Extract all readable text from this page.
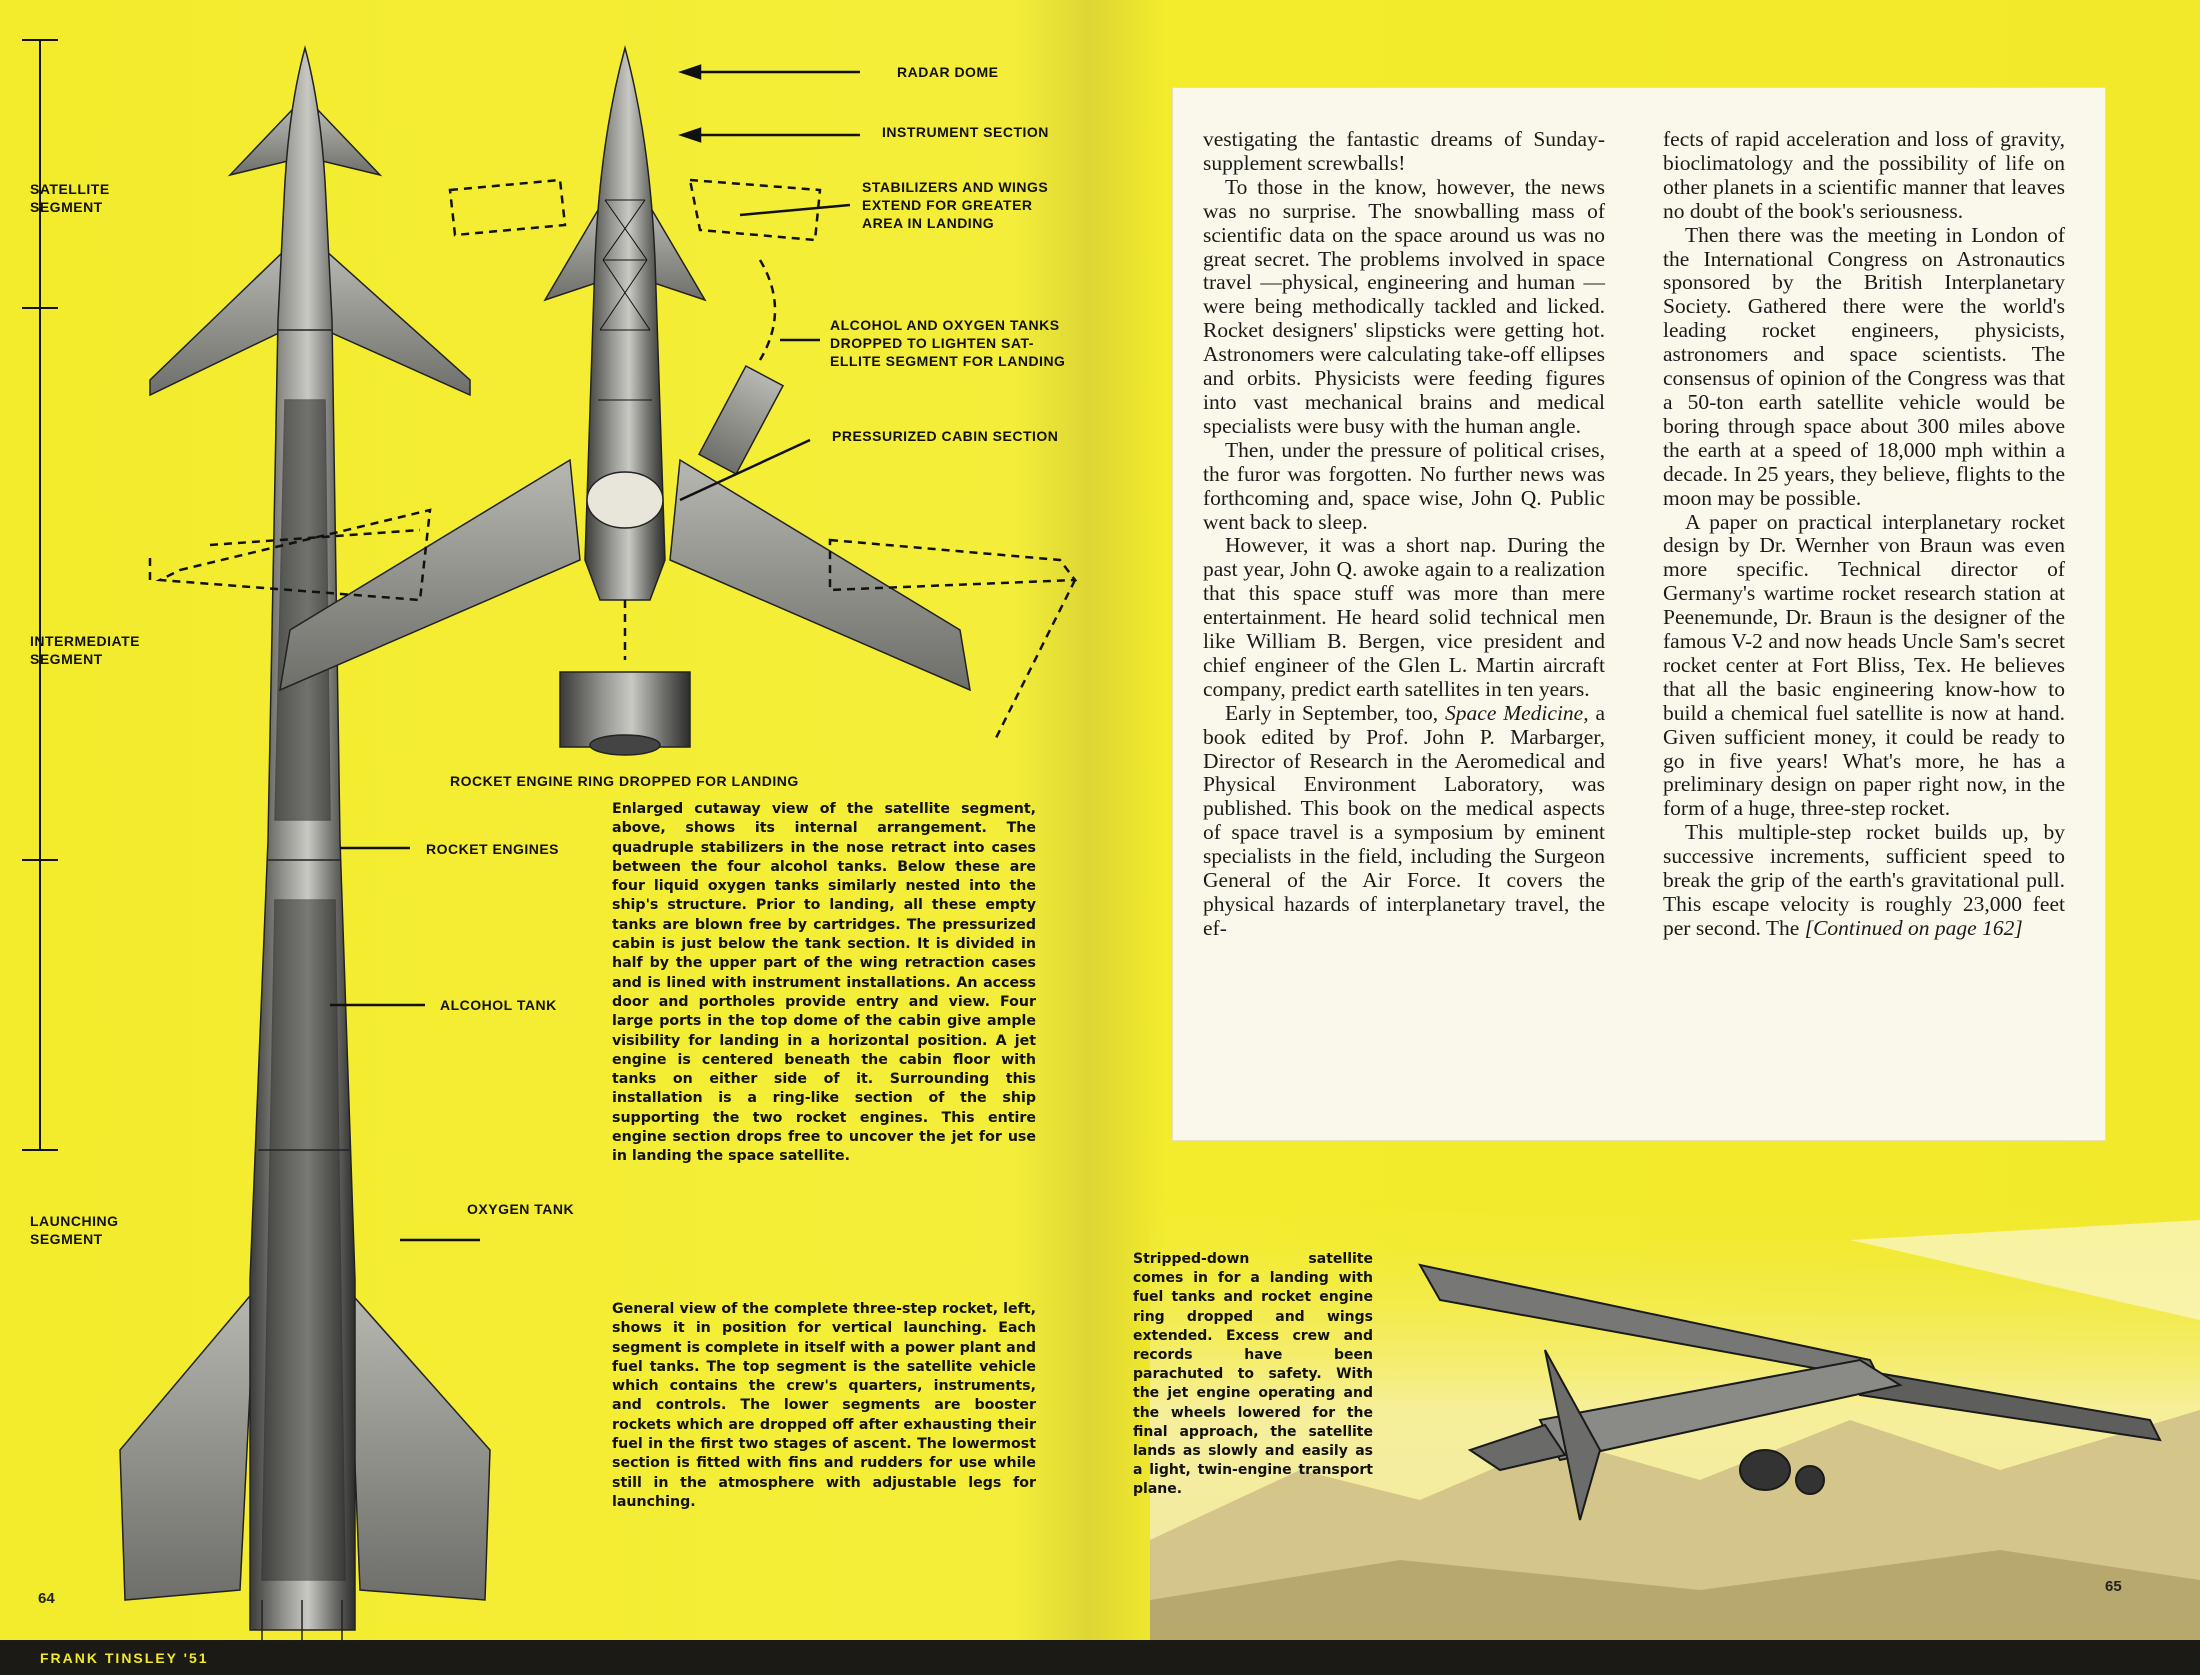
SATELLITE
SEGMENT
INTERMEDIATE
SEGMENT
LAUNCHING
SEGMENT
RADAR DOME
INSTRUMENT SECTION
STABILIZERS AND WINGS
EXTEND FOR GREATER
AREA IN LANDING
ALCOHOL AND OXYGEN TANKS
DROPPED TO LIGHTEN SAT-
ELLITE SEGMENT FOR LANDING
PRESSURIZED CABIN SECTION
ROCKET ENGINE RING DROPPED FOR LANDING
ROCKET ENGINES
ALCOHOL TANK
OXYGEN TANK

Enlarged cutaway view of the satellite segment, above, shows its internal arrangement. The quadruple stabilizers in the nose retract into cases between the four alcohol tanks. Below these are four liquid oxygen tanks similarly nested into the ship's structure. Prior to landing, all these empty tanks are blown free by cartridges. The pressurized cabin is just below the tank section. It is divided in half by the upper part of the wing retraction cases and is lined with instrument installations. An access door and portholes provide entry and view. Four large ports in the top dome of the cabin give ample visibility for landing in a horizontal position. A jet engine is centered beneath the cabin floor with tanks on either side of it. Surrounding this installation is a ring-like section of the ship supporting the two rocket engines. This entire engine section drops free to uncover the jet for use in landing the space satellite.

General view of the complete three-step rocket, left, shows it in position for vertical launching. Each segment is complete in itself with a power plant and fuel tanks. The top segment is the satellite vehicle which contains the crew's quarters, instruments, and controls. The lower segments are booster rockets which are dropped off after exhausting their fuel in the first two stages of ascent. The lowermost section is fitted with fins and rudders for use while still in the atmosphere with adjustable legs for launching.

Stripped-down satellite comes in for a landing with fuel tanks and rocket engine ring dropped and wings extended. Excess crew and records have been parachuted to safety. With the jet engine operating and the wheels lowered for the final approach, the satellite lands as slowly and easily as a light, twin-engine transport plane.

vestigating the fantastic dreams of Sunday-supplement screwballs!

To those in the know, however, the news was no surprise. The snowballing mass of scientific data on the space around us was no great secret. The problems involved in space travel —physical, engineering and human —were being methodically tackled and licked. Rocket designers' slipsticks were getting hot. Astronomers were calculating take-off ellipses and orbits. Physicists were feeding figures into vast mechanical brains and medical specialists were busy with the human angle.

Then, under the pressure of political crises, the furor was forgotten. No further news was forthcoming and, space wise, John Q. Public went back to sleep.

However, it was a short nap. During the past year, John Q. awoke again to a realization that this space stuff was more than mere entertainment. He heard solid technical men like William B. Bergen, vice president and chief engineer of the Glen L. Martin aircraft company, predict earth satellites in ten years.

Early in September, too, Space Medicine, a book edited by Prof. John P. Marbarger, Director of Research in the Aeromedical and Physical Environment Laboratory, was published. This book on the medical aspects of space travel is a symposium by eminent specialists in the field, including the Surgeon General of the Air Force. It covers the physical hazards of interplanetary travel, the ef-

fects of rapid acceleration and loss of gravity, bioclimatology and the possibility of life on other planets in a scientific manner that leaves no doubt of the book's seriousness.

Then there was the meeting in London of the International Congress on Astronautics sponsored by the British Interplanetary Society. Gathered there were the world's leading rocket engineers, physicists, astronomers and space scientists. The consensus of opinion of the Congress was that a 50-ton earth satellite vehicle would be boring through space about 300 miles above the earth at a speed of 18,000 mph within a decade. In 25 years, they believe, flights to the moon may be possible.

A paper on practical interplanetary rocket design by Dr. Wernher von Braun was even more specific. Technical director of Germany's wartime rocket research station at Peenemunde, Dr. Braun is the designer of the famous V-2 and now heads Uncle Sam's secret rocket center at Fort Bliss, Tex. He believes that all the basic engineering know-how to build a chemical fuel satellite is now at hand. Given sufficient money, it could be ready to go in five years! What's more, he has a preliminary design on paper right now, in the form of a huge, three-step rocket.

This multiple-step rocket builds up, by successive increments, sufficient speed to break the grip of the earth's gravitational pull. This escape velocity is roughly 23,000 feet per second. The [Continued on page 162]

64
65
FRANK TINSLEY '51
